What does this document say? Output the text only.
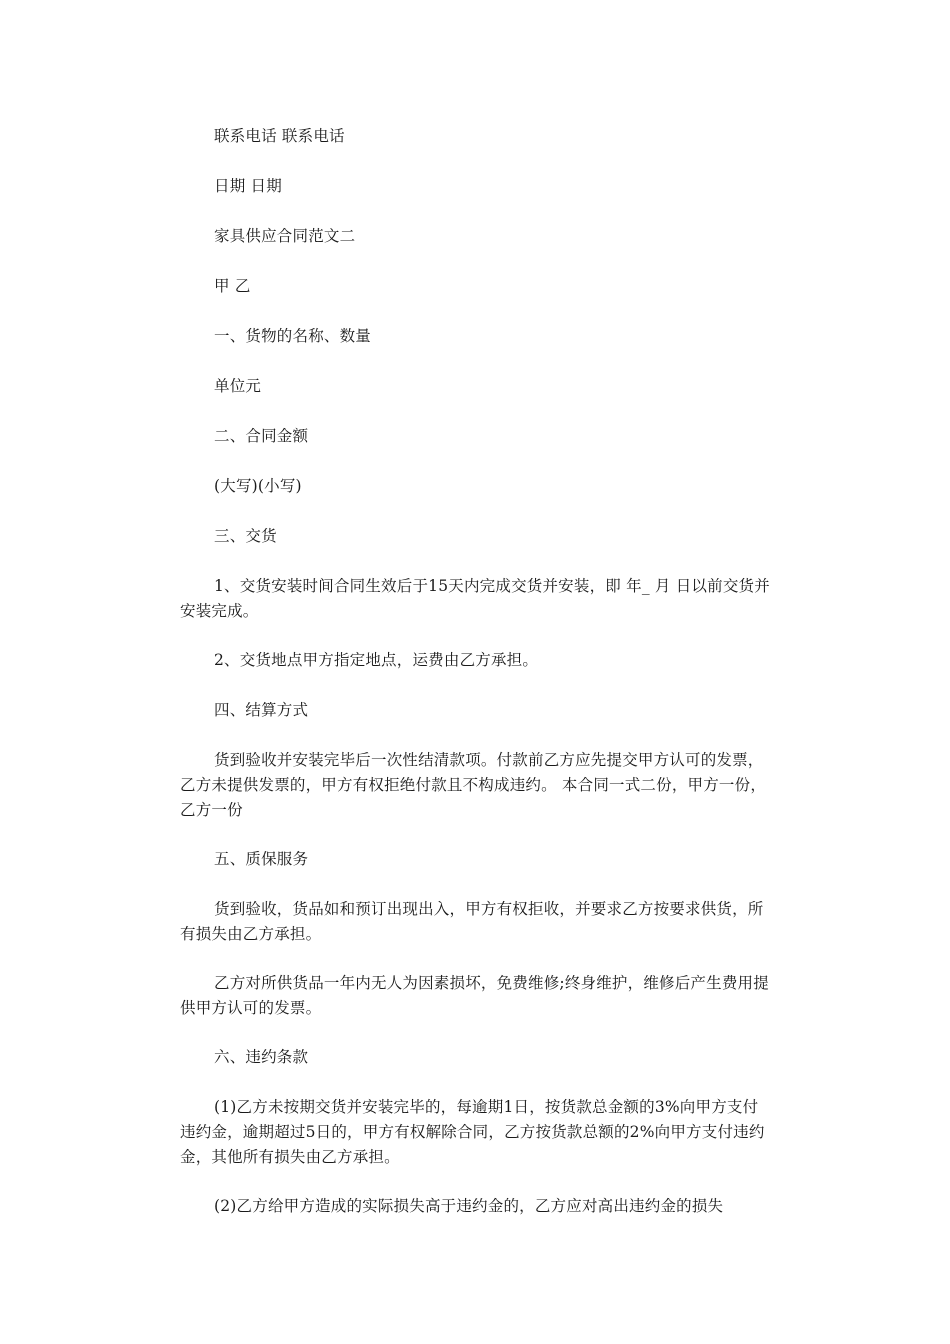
联系电话 联系电话

日期 日期

家具供应合同范文二

甲 乙

一、货物的名称、数量

单位元

二、合同金额

(大写)(小写)

三、交货

1、交货安装时间合同生效后于15天内完成交货并安装，即 年_ 月 日以前交货并安装完成。

2、交货地点甲方指定地点，运费由乙方承担。

四、结算方式

货到验收并安装完毕后一次性结清款项。付款前乙方应先提交甲方认可的发票，乙方未提供发票的，甲方有权拒绝付款且不构成违约。 本合同一式二份，甲方一份，乙方一份

五、质保服务

货到验收，货品如和预订出现出入，甲方有权拒收，并要求乙方按要求供货，所有损失由乙方承担。

乙方对所供货品一年内无人为因素损坏，免费维修;终身维护，维修后产生费用提供甲方认可的发票。

六、违约条款

(1)乙方未按期交货并安装完毕的，每逾期1日，按货款总金额的3%向甲方支付违约金，逾期超过5日的，甲方有权解除合同，乙方按货款总额的2%向甲方支付违约金，其他所有损失由乙方承担。

(2)乙方给甲方造成的实际损失高于违约金的，乙方应对高出违约金的损失
